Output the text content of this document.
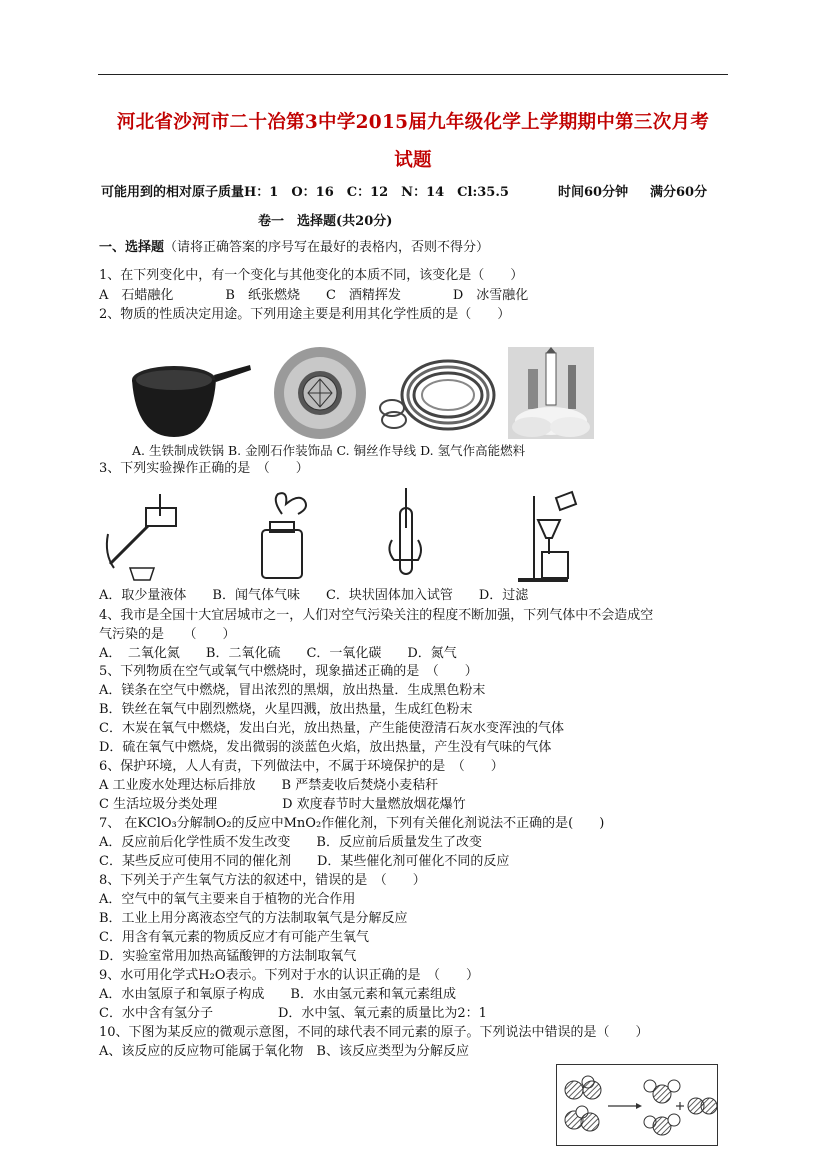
河北省沙河市二十冶第3中学2015届九年级化学上学期期中第三次月考
试题
可能用到的相对原子质量H：1　O：16　C：12　N：14　Cl:35.5	时间60分钟 满分60分
卷一　选择题(共20分)
一、选择题（请将正确答案的序号写在最好的表格内，否则不得分）
1、在下列变化中，有一个变化与其他变化的本质不同，该变化是（　　）
A　石蜡融化　　　　B　纸张燃烧　　C　酒精挥发　　　　D　冰雪融化
2、物质的性质决定用途。下列用途主要是利用其化学性质的是（　　）
A. 生铁制成铁锅 B. 金刚石作装饰品 C. 铜丝作导线 D. 氢气作高能燃料
3、下列实验操作正确的是　（　　）
A．取少量液体　　B．闻气体气味　　C．块状固体加入试管　　D．过滤
4、我市是全国十大宜居城市之一，人们对空气污染关注的程度不断加强，下列气体中不会造成空
气污染的是　　（　　）
A．　二氧化氮　　B．二氧化硫　　C．一氧化碳　　D．氮气
5、下列物质在空气或氧气中燃烧时，现象描述正确的是　（　　）
A．镁条在空气中燃烧，冒出浓烈的黑烟，放出热量．生成黑色粉末
B．铁丝在氧气中剧烈燃烧，火星四溅，放出热量，生成红色粉末
C．木炭在氧气中燃烧，发出白光，放出热量，产生能使澄清石灰水变浑浊的气体
D．硫在氧气中燃烧，发出微弱的淡蓝色火焰，放出热量，产生没有气味的气体
6、保护环境，人人有责，下列做法中，不属于环境保护的是　（　　）
A 工业废水处理达标后排放　　B 严禁麦收后焚烧小麦秸秆
C 生活垃圾分类处理　　　　　D 欢度春节时大量燃放烟花爆竹
7、 在KClO₃分解制O₂的反应中MnO₂作催化剂，下列有关催化剂说法不正确的是(　　)
A．反应前后化学性质不发生改变　　B．反应前后质量发生了改变
C．某些反应可使用不同的催化剂　　D．某些催化剂可催化不同的反应
8、下列关于产生氧气方法的叙述中，错误的是　（　　）
A．空气中的氧气主要来自于植物的光合作用
B．工业上用分离液态空气的方法制取氧气是分解反应
C．用含有氧元素的物质反应才有可能产生氧气
D．实验室常用加热高锰酸钾的方法制取氧气
9、水可用化学式H₂O表示。下列对于水的认识正确的是　（　　）
A．水由氢原子和氧原子构成　　B．水由氢元素和氧元素组成
C．水中含有氢分子　　　　　D．水中氢、氧元素的质量比为2：1
10、下图为某反应的微观示意图，不同的球代表不同元素的原子。下列说法中错误的是（　　）
A、该反应的反应物可能属于氧化物　B、该反应类型为分解反应
